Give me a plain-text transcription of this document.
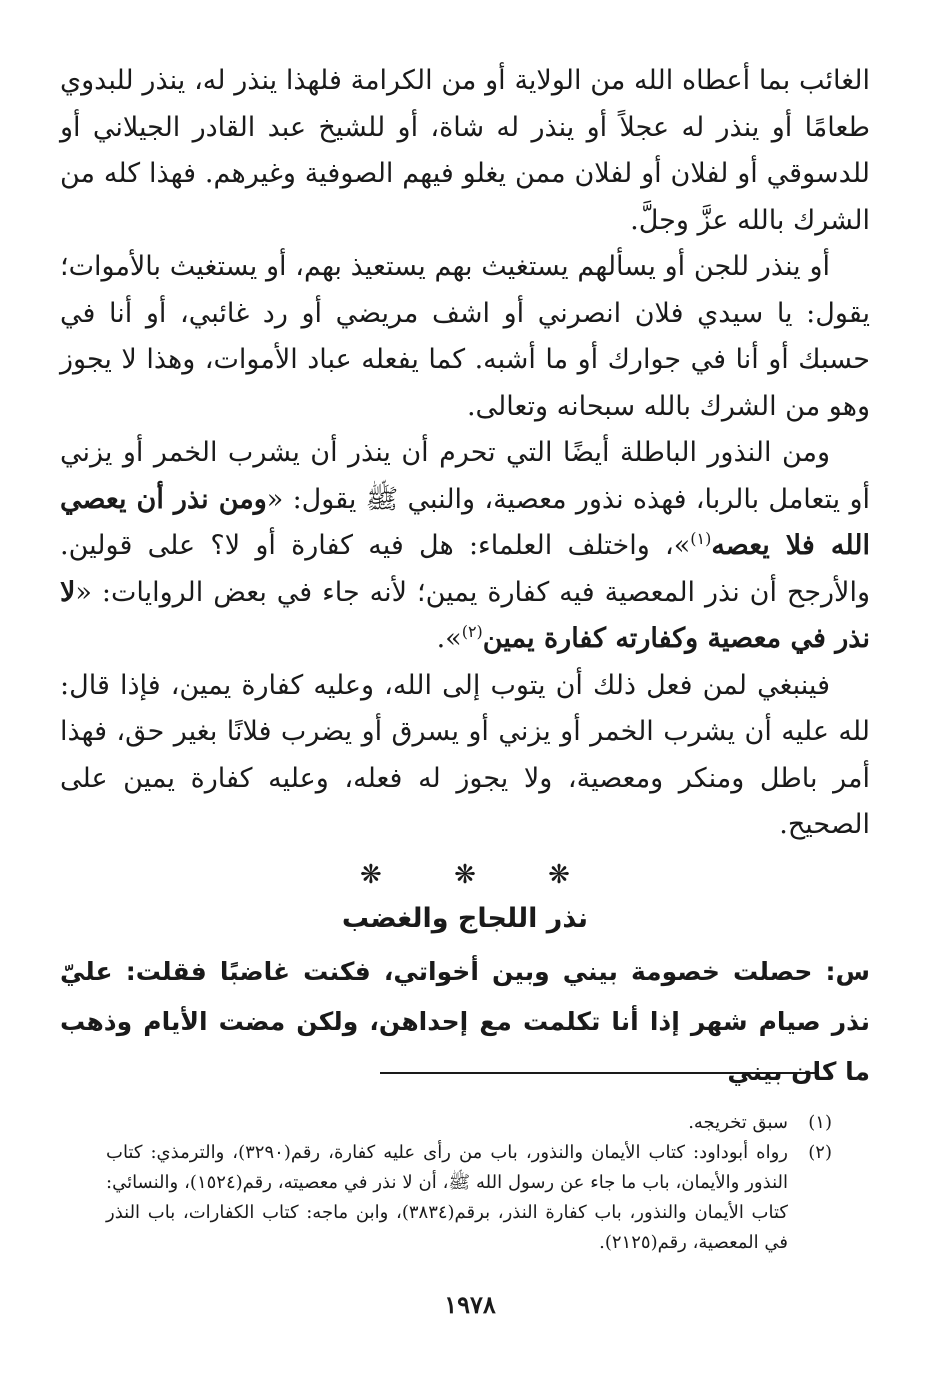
الغائب بما أعطاه الله من الولاية أو من الكرامة فلهذا ينذر له، ينذر للبدوي طعامًا أو ينذر له عجلاً أو ينذر له شاة، أو للشيخ عبد القادر الجيلاني أو للدسوقي أو لفلان أو لفلان ممن يغلو فيهم الصوفية وغيرهم. فهذا كله من الشرك بالله عزَّ وجلَّ.

أو ينذر للجن أو يسألهم يستغيث بهم يستعيذ بهم، أو يستغيث بالأموات؛ يقول: يا سيدي فلان انصرني أو اشف مريضي أو رد غائبي، أو أنا في حسبك أو أنا في جوارك أو ما أشبه. كما يفعله عباد الأموات، وهذا لا يجوز وهو من الشرك بالله سبحانه وتعالى.

ومن النذور الباطلة أيضًا التي تحرم أن ينذر أن يشرب الخمر أو يزني أو يتعامل بالربا، فهذه نذور معصية، والنبي ﷺ يقول: «ومن نذر أن يعصي الله فلا يعصه$^{(١)}$»، واختلف العلماء: هل فيه كفارة أو لا؟ على قولين. والأرجح أن نذر المعصية فيه كفارة يمين؛ لأنه جاء في بعض الروايات: «لا نذر في معصية وكفارته كفارة يمين$^{(٢)}$».

فينبغي لمن فعل ذلك أن يتوب إلى الله، وعليه كفارة يمين، فإذا قال: لله عليه أن يشرب الخمر أو يزني أو يسرق أو يضرب فلانًا بغير حق، فهذا أمر باطل ومنكر ومعصية، ولا يجوز له فعله، وعليه كفارة يمين على الصحيح.

❋ ❋ ❋
نذر اللجاج والغضب

س: حصلت خصومة بيني وبين أخواتي، فكنت غاضبًا فقلت: عليّ نذر صيام شهر إذا أنا تكلمت مع إحداهن، ولكن مضت الأيام وذهب ما كان بيني

(١)
سبق تخريجه.
(٢)
رواه أبوداود: كتاب الأيمان والنذور، باب من رأى عليه كفارة، رقم(٣٢٩٠)، والترمذي: كتاب النذور والأيمان، باب ما جاء عن رسول الله ﷺ، أن لا نذر في معصيته، رقم(١٥٢٤)، والنسائي: كتاب الأيمان والنذور، باب كفارة النذر، برقم(٣٨٣٤)، وابن ماجه: كتاب الكفارات، باب النذر في المعصية، رقم(٢١٢٥).
١٩٧٨
